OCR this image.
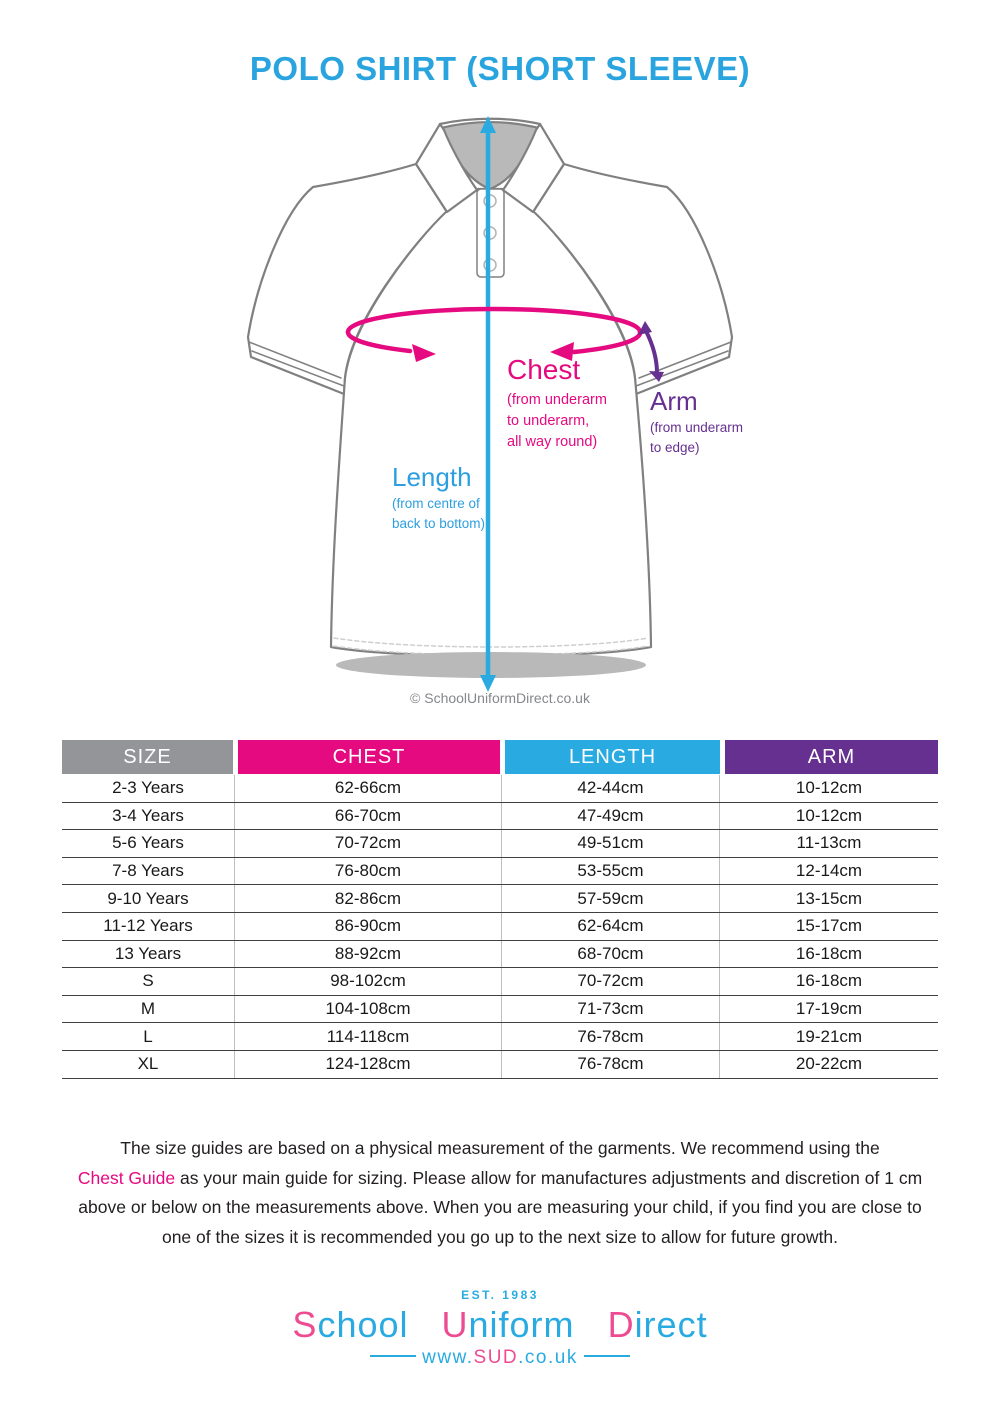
POLO SHIRT (SHORT SLEEVE)
Chest
(from underarm
to underarm,
all way round)
Arm
(from underarm
to edge)
Length
(from centre of
back to bottom)
© SchoolUniformDirect.co.uk
SIZE	CHEST	LENGTH	ARM
2-3 Years	62-66cm	42-44cm	10-12cm
3-4 Years	66-70cm	47-49cm	10-12cm
5-6 Years	70-72cm	49-51cm	11-13cm
7-8 Years	76-80cm	53-55cm	12-14cm
9-10 Years	82-86cm	57-59cm	13-15cm
11-12 Years	86-90cm	62-64cm	15-17cm
13 Years	88-92cm	68-70cm	16-18cm
S	98-102cm	70-72cm	16-18cm
M	104-108cm	71-73cm	17-19cm
L	114-118cm	76-78cm	19-21cm
XL	124-128cm	76-78cm	20-22cm
The size guides are based on a physical measurement of the garments. We recommend using the
Chest Guide as your main guide for sizing. Please allow for manufactures adjustments and discretion of 1 cm
above or below on the measurements above. When you are measuring your child, if you find you are close to
one of the sizes it is recommended you go up to the next size to allow for future growth.
EST. 1983
School Uniform Direct
www.SUD.co.uk
